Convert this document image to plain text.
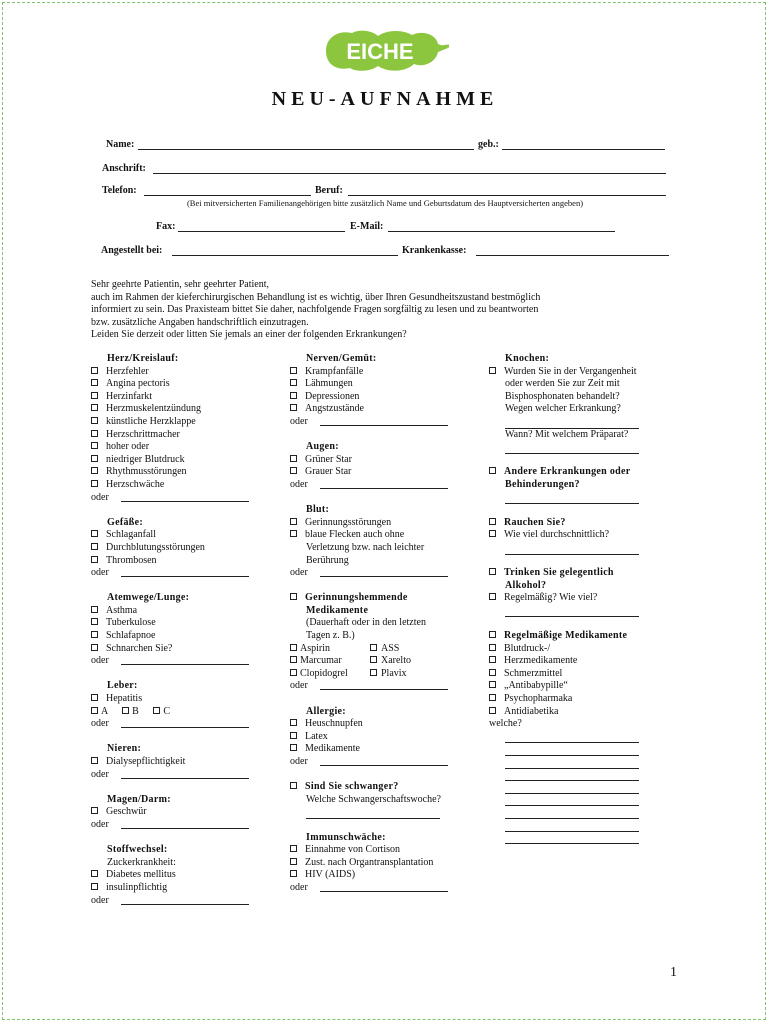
EICHE
NEU-AUFNAHME
Name:	geb.:
Anschrift:
Telefon:	Beruf:
(Bei mitversicherten Familienangehörigen bitte zusätzlich Name und Geburtsdatum des Hauptversicherten angeben)
Fax:	E-Mail:
Angestellt bei:	Krankenkasse:
Sehr geehrte Patientin, sehr geehrter Patient,
auch im Rahmen der kieferchirurgischen Behandlung ist es wichtig, über Ihren Gesundheitszustand bestmöglich
informiert zu sein. Das Praxisteam bittet Sie daher, nachfolgende Fragen sorgfältig zu lesen und zu beantworten
bzw. zusätzliche Angaben handschriftlich einzutragen.
Leiden Sie derzeit oder litten Sie jemals an einer der folgenden Erkrankungen?
Herz/Kreislauf:
Herzfehler
Angina pectoris
Herzinfarkt
Herzmuskelentzündung
künstliche Herzklappe
Herzschrittmacher
hoher oder
niedriger Blutdruck
Rhythmusstörungen
Herzschwäche
oder
Gefäße:
Schlaganfall
Durchblutungsstörungen
Thrombosen
oder
Atemwege/Lunge:
Asthma
Tuberkulose
Schlafapnoe
Schnarchen Sie?
oder
Leber:
Hepatitis
A B C
oder
Nieren:
Dialysepflichtigkeit
oder
Magen/Darm:
Geschwür
oder
Stoffwechsel:
Zuckerkrankheit:
Diabetes mellitus
insulinpflichtig
oder
Nerven/Gemüt:
Krampfanfälle
Lähmungen
Depressionen
Angstzustände
oder
Augen:
Grüner Star
Grauer Star
oder
Blut:
Gerinnungsstörungen
blaue Flecken auch ohne
Verletzung bzw. nach leichter
Berührung
oder
Gerinnungshemmende
Medikamente
(Dauerhaft oder in den letzten
Tagen z. B.)
Aspirin	ASS
Marcumar	Xarelto
Clopidogrel	Plavix
oder
Allergie:
Heuschnupfen
Latex
Medikamente
oder
Sind Sie schwanger?
Welche Schwangerschaftswoche?
Immunschwäche:
Einnahme von Cortison
Zust. nach Organtransplantation
HIV (AIDS)
oder
Knochen:
Wurden Sie in der Vergangenheit
oder werden Sie zur Zeit mit
Bisphosphonaten behandelt?
Wegen welcher Erkrankung?
Wann? Mit welchem Präparat?
Andere Erkrankungen oder
Behinderungen?
Rauchen Sie?
Wie viel durchschnittlich?
Trinken Sie gelegentlich
Alkohol?
Regelmäßig? Wie viel?
Regelmäßige Medikamente
Blutdruck-/
Herzmedikamente
Schmerzmittel
„Antibabypille“
Psychopharmaka
Antidiabetika
welche?
1
